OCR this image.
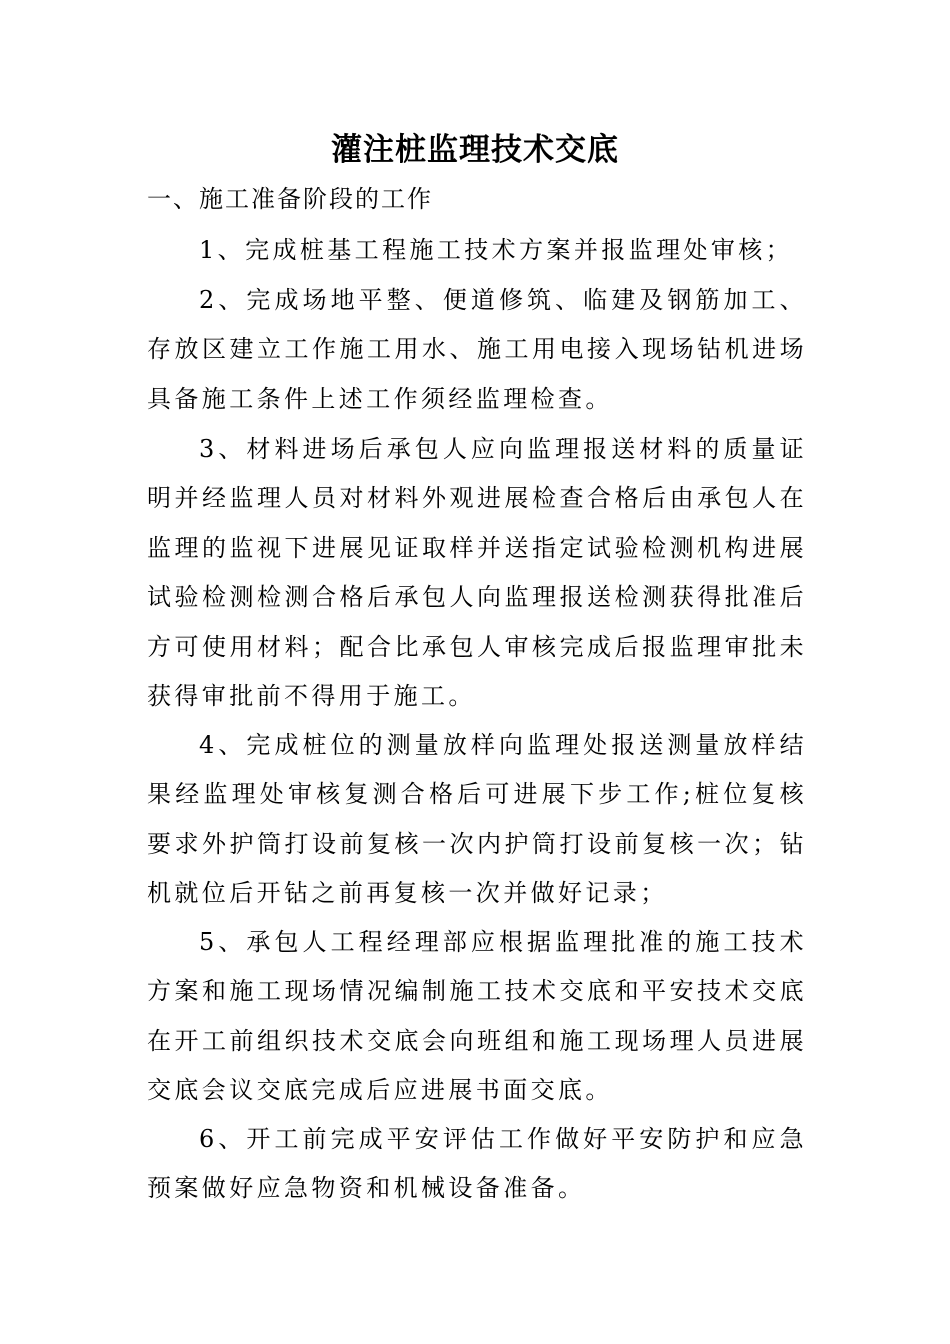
灌注桩监理技术交底
一、施工准备阶段的工作
1、完成桩基工程施工技术方案并报监理处审核；
2、完成场地平整、便道修筑、临建及钢筋加工、存放区建立工作施工用水、施工用电接入现场钻机进场具备施工条件上述工作须经监理检查。
3、材料进场后承包人应向监理报送材料的质量证明并经监理人员对材料外观进展检查合格后由承包人在监理的监视下进展见证取样并送指定试验检测机构进展试验检测检测合格后承包人向监理报送检测获得批准后方可使用材料；配合比承包人审核完成后报监理审批未获得审批前不得用于施工。
4、完成桩位的测量放样向监理处报送测量放样结果经监理处审核复测合格后可进展下步工作;桩位复核要求外护筒打设前复核一次内护筒打设前复核一次；钻机就位后开钻之前再复核一次并做好记录；
5、承包人工程经理部应根据监理批准的施工技术方案和施工现场情况编制施工技术交底和平安技术交底在开工前组织技术交底会向班组和施工现场理人员进展交底会议交底完成后应进展书面交底。
6、开工前完成平安评估工作做好平安防护和应急预案做好应急物资和机械设备准备。
